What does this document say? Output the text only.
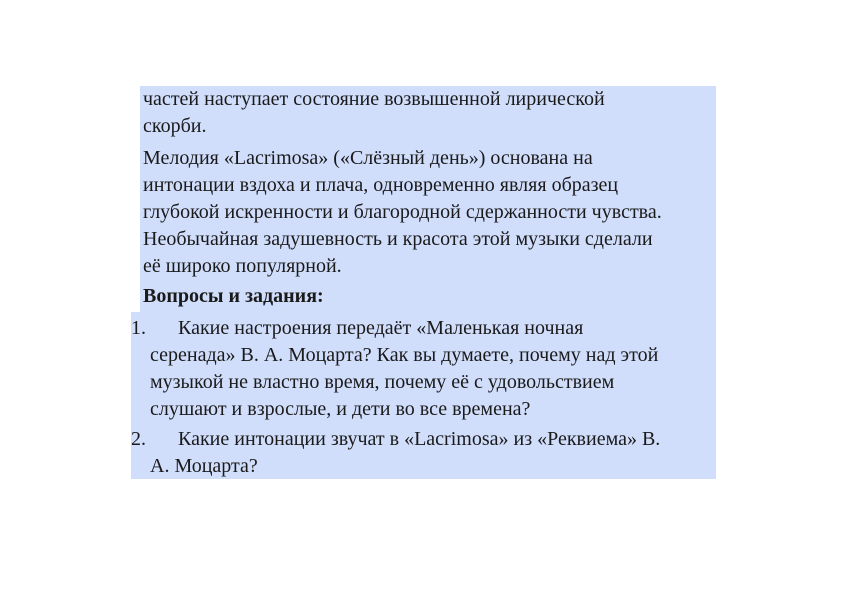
частей наступает состояние возвышенной лирической
скорби.
Мелодия «Lacrimosa» («Слёзный день») основана на
интонации вздоха и плача, одновременно являя образец
глубокой искренности и благородной сдержанности чувства.
Необычайная задушевность и красота этой музыки сделали
её широко популярной.
Вопросы и задания:
1.	Какие настроения передаёт «Маленькая ночная
серенада» В. А. Моцарта? Как вы думаете, почему над этой
музыкой не властно время, почему её с удовольствием
слушают и взрослые, и дети во все времена?
2.	Какие интонации звучат в «Lacrimosa» из «Реквиема» В.
А. Моцарта?
